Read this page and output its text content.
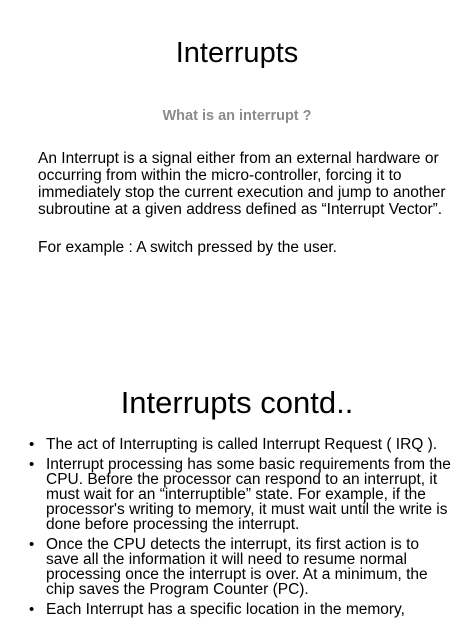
Interrupts

What is an interrupt ?

An Interrupt is a signal either from an external hardware or occurring from within the micro-controller, forcing it to immediately stop the current execution and jump to another subroutine at a given address defined as “Interrupt Vector”.

For example : A switch pressed by the user.

Interrupts contd..
• The act of Interrupting is called Interrupt Request ( IRQ ).
• Interrupt processing has some basic requirements from the CPU. Before the processor can respond to an interrupt, it must wait for an “interruptible” state. For example, if the processor's writing to memory, it must wait until the write is done before processing the interrupt.
• Once the CPU detects the interrupt, its first action is to save all the information it will need to resume normal processing once the interrupt is over. At a minimum, the chip saves the Program Counter (PC).
• Each Interrupt has a specific location in the memory,
